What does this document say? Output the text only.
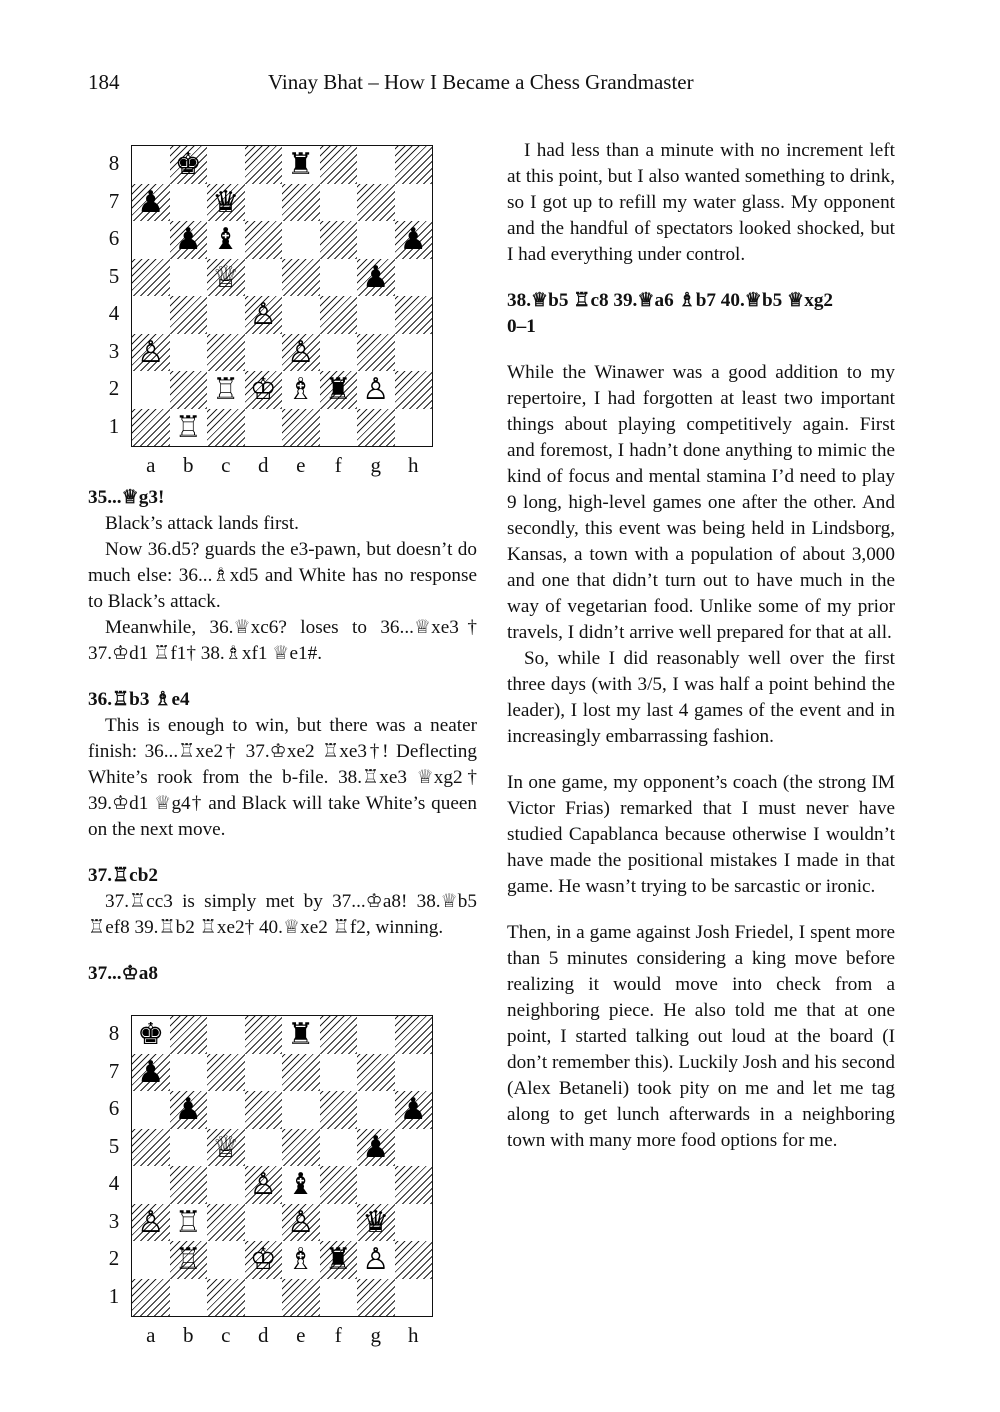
184	Vinay Bhat – How I Became a Chess Grandmaster
♚	♜
♟ ♛
♟ ♝	♟
♕	♟
♙
♙	♙
♖ ♔ ♗ ♜ ♙
♖
8
7
6
5
4
3
2
1
a	b	c	d	e	f	g	h
♚	♜
♟
♟	♟
♕	♟
♙ ♝
♙ ♖	♙ ♛
♖ ♔ ♗ ♜ ♙
8
7
6
5
4
3
2
1
a	b	c	d	e	f	g	h

35...♕g3!

Black’s attack lands first.

Now 36.d5? guards the e3-pawn, but doesn’t do much else: 36...♗xd5 and White has no response to Black’s attack.

Meanwhile, 36.♕xc6? loses to 36...♕xe3† 37.♔d1 ♖f1† 38.♗xf1 ♕e1#.

36.♖b3 ♗e4

This is enough to win, but there was a neater finish: 36...♖xe2† 37.♔xe2 ♖xe3†! Deflecting White’s rook from the b-file. 38.♖xe3 ♕xg2† 39.♔d1 ♕g4† and Black will take White’s queen on the next move.

37.♖cb2

37.♖cc3 is simply met by 37...♔a8! 38.♕b5 ♖ef8 39.♖b2 ♖xe2† 40.♕xe2 ♖f2, winning.

37...♔a8

I had less than a minute with no increment left at this point, but I also wanted something to drink, so I got up to refill my water glass. My opponent and the handful of spectators looked shocked, but I had everything under control.

38.♕b5 ♖c8 39.♕a6 ♗b7 40.♕b5 ♕xg2

0–1

While the Winawer was a good addition to my repertoire, I had forgotten at least two important things about playing competitively again. First and foremost, I hadn’t done anything to mimic the kind of focus and mental stamina I’d need to play 9 long, high-level games one after the other. And secondly, this event was being held in Lindsborg, Kansas, a town with a population of about 3,000 and one that didn’t turn out to have much in the way of vegetarian food. Unlike some of my prior travels, I didn’t arrive well prepared for that at all.

So, while I did reasonably well over the first three days (with 3/5, I was half a point behind the leader), I lost my last 4 games of the event and in increasingly embarrassing fashion.

In one game, my opponent’s coach (the strong IM Victor Frias) remarked that I must never have studied Capablanca because otherwise I wouldn’t have made the positional mistakes I made in that game. He wasn’t trying to be sarcastic or ironic.

Then, in a game against Josh Friedel, I spent more than 5 minutes considering a king move before realizing it would move into check from a neighboring piece. He also told me that at one point, I started talking out loud at the board (I don’t remember this). Luckily Josh and his second (Alex Betaneli) took pity on me and let me tag along to get lunch afterwards in a neighboring town with many more food options for me.
